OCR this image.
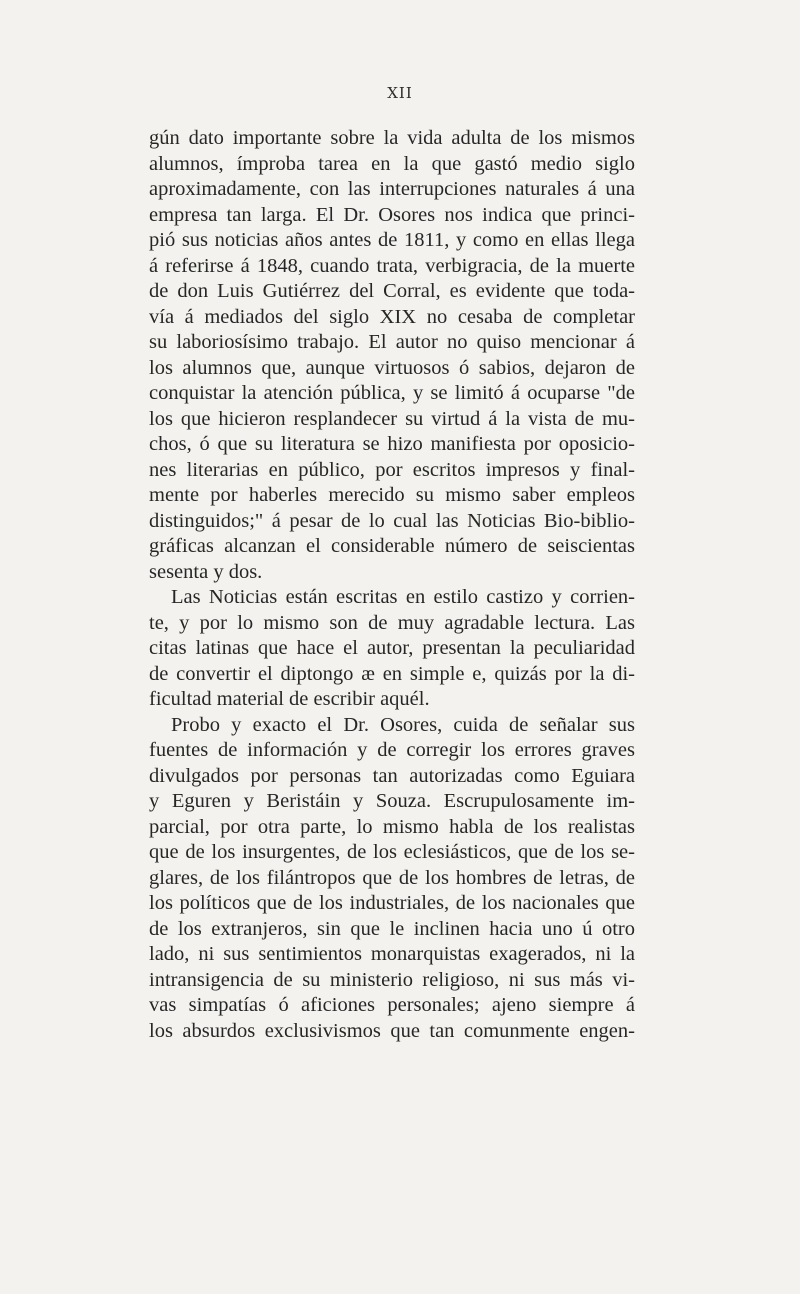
XII
gún dato importante sobre la vida adulta de los mismos
alumnos, ímproba tarea en la que gastó medio siglo
aproximadamente, con las interrupciones naturales á una
empresa tan larga. El Dr. Osores nos indica que princi-
pió sus noticias años antes de 1811, y como en ellas llega
á referirse á 1848, cuando trata, verbigracia, de la muerte
de don Luis Gutiérrez del Corral, es evidente que toda-
vía á mediados del siglo XIX no cesaba de completar
su laboriosísimo trabajo. El autor no quiso mencionar á
los alumnos que, aunque virtuosos ó sabios, dejaron de
conquistar la atención pública, y se limitó á ocuparse "de
los que hicieron resplandecer su virtud á la vista de mu-
chos, ó que su literatura se hizo manifiesta por oposicio-
nes literarias en público, por escritos impresos y final-
mente por haberles merecido su mismo saber empleos
distinguidos;" á pesar de lo cual las Noticias Bio-biblio-
gráficas alcanzan el considerable número de seiscientas
sesenta y dos.
Las Noticias están escritas en estilo castizo y corrien-
te, y por lo mismo son de muy agradable lectura. Las
citas latinas que hace el autor, presentan la peculiaridad
de convertir el diptongo æ en simple e, quizás por la di-
ficultad material de escribir aquél.
Probo y exacto el Dr. Osores, cuida de señalar sus
fuentes de información y de corregir los errores graves
divulgados por personas tan autorizadas como Eguiara
y Eguren y Beristáin y Souza. Escrupulosamente im-
parcial, por otra parte, lo mismo habla de los realistas
que de los insurgentes, de los eclesiásticos, que de los se-
glares, de los filántropos que de los hombres de letras, de
los políticos que de los industriales, de los nacionales que
de los extranjeros, sin que le inclinen hacia uno ú otro
lado, ni sus sentimientos monarquistas exagerados, ni la
intransigencia de su ministerio religioso, ni sus más vi-
vas simpatías ó aficiones personales; ajeno siempre á
los absurdos exclusivismos que tan comunmente engen-
